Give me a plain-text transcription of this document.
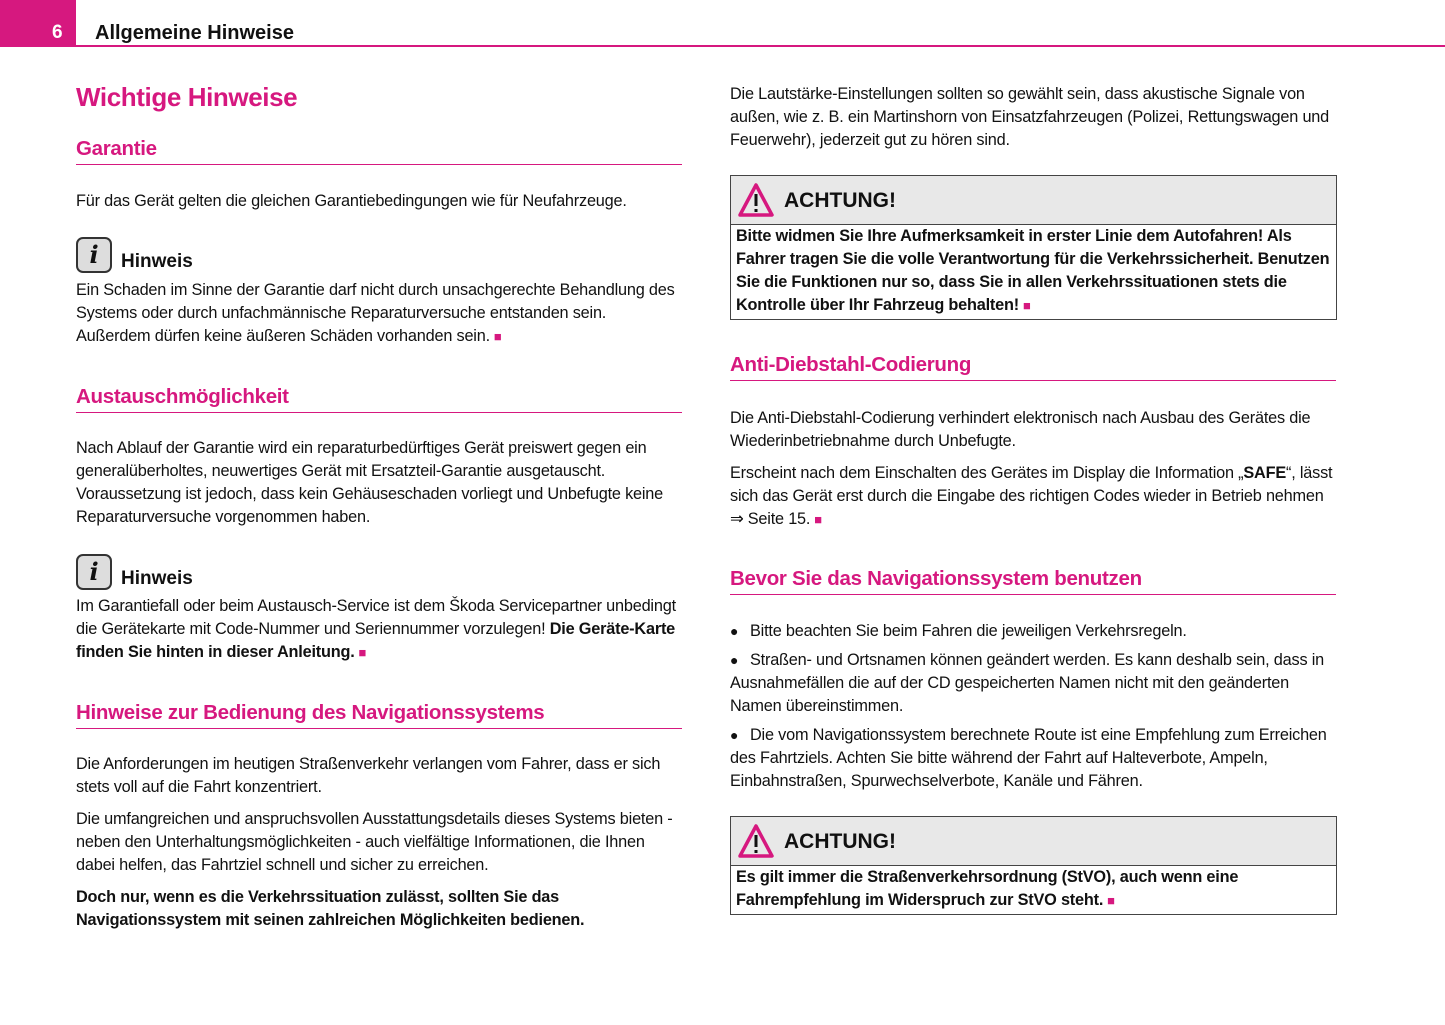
6 Allgemeine Hinweise
Wichtige Hinweise
Garantie

Für das Gerät gelten die gleichen Garantiebedingungen wie für Neufahrzeuge.

i	Hinweis

Ein Schaden im Sinne der Garantie darf nicht durch unsachgerechte Behandlung des Systems oder durch unfachmännische Reparaturversuche entstanden sein. Außerdem dürfen keine äußeren Schäden vorhanden sein. ■

Austauschmöglichkeit

Nach Ablauf der Garantie wird ein reparaturbedürftiges Gerät preiswert gegen ein generalüberholtes, neuwertiges Gerät mit Ersatzteil-Garantie ausgetauscht. Voraussetzung ist jedoch, dass kein Gehäuseschaden vorliegt und Unbefugte keine Reparaturversuche vorgenommen haben.

i	Hinweis

Im Garantiefall oder beim Austausch-Service ist dem Škoda Servicepartner unbedingt die Gerätekarte mit Code-Nummer und Seriennummer vorzulegen! Die Geräte-Karte finden Sie hinten in dieser Anleitung. ■

Hinweise zur Bedienung des Navigationssystems

Die Anforderungen im heutigen Straßenverkehr verlangen vom Fahrer, dass er sich stets voll auf die Fahrt konzentriert.

Die umfangreichen und anspruchsvollen Ausstattungsdetails dieses Systems bieten - neben den Unterhaltungsmöglichkeiten - auch vielfältige Informationen, die Ihnen dabei helfen, das Fahrtziel schnell und sicher zu erreichen.

Doch nur, wenn es die Verkehrssituation zulässt, sollten Sie das Navigationssystem mit seinen zahlreichen Möglichkeiten bedienen.

Die Lautstärke-Einstellungen sollten so gewählt sein, dass akustische Signale von außen, wie z. B. ein Martinshorn von Einsatzfahrzeugen (Polizei, Rettungswagen und Feuerwehr), jederzeit gut zu hören sind.

ACHTUNG!
Bitte widmen Sie Ihre Aufmerksamkeit in erster Linie dem Autofahren! Als Fahrer tragen Sie die volle Verantwortung für die Verkehrssicherheit. Benutzen Sie die Funktionen nur so, dass Sie in allen Verkehrssituationen stets die Kontrolle über Ihr Fahrzeug behalten! ■
Anti-Diebstahl-Codierung

Die Anti-Diebstahl-Codierung verhindert elektronisch nach Ausbau des Gerätes die Wiederinbetriebnahme durch Unbefugte.

Erscheint nach dem Einschalten des Gerätes im Display die Information „SAFE“, lässt sich das Gerät erst durch die Eingabe des richtigen Codes wieder in Betrieb nehmen ⇒ Seite 15. ■

Bevor Sie das Navigationssystem benutzen
● Bitte beachten Sie beim Fahren die jeweiligen Verkehrsregeln.
● Straßen- und Ortsnamen können geändert werden. Es kann deshalb sein, dass in Ausnahmefällen die auf der CD gespeicherten Namen nicht mit den geänderten Namen übereinstimmen.
● Die vom Navigationssystem berechnete Route ist eine Empfehlung zum Erreichen des Fahrtziels. Achten Sie bitte während der Fahrt auf Halteverbote, Ampeln, Einbahnstraßen, Spurwechselverbote, Kanäle und Fähren.
ACHTUNG!
Es gilt immer die Straßenverkehrsordnung (StVO), auch wenn eine Fahrempfehlung im Widerspruch zur StVO steht. ■
